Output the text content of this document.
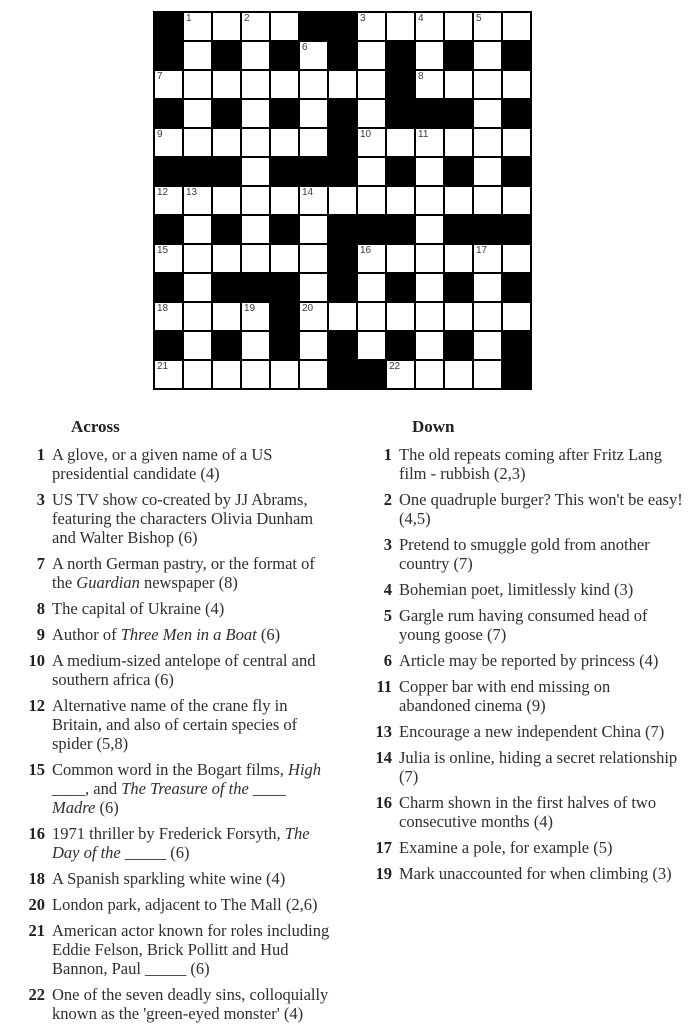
1	2	3	4	5
6
7	8
9	10	11
12 13	14
15	16	17
18	19	20
21	22
Across
1 A glove, or a given name of a US
presidential candidate (4)
3 US TV show co-created by JJ Abrams,
featuring the characters Olivia Dunham
and Walter Bishop (6)
7 A north German pastry, or the format of
the Guardian newspaper (8)
8 The capital of Ukraine (4)
9 Author of Three Men in a Boat (6)
10 A medium-sized antelope of central and
southern africa (6)
12 Alternative name of the crane fly in
Britain, and also of certain species of
spider (5,8)
15 Common word in the Bogart films, High
____, and The Treasure of the ____
Madre (6)
16 1971 thriller by Frederick Forsyth, The
Day of the _____ (6)
18 A Spanish sparkling white wine (4)
20 London park, adjacent to The Mall (2,6)
21 American actor known for roles including
Eddie Felson, Brick Pollitt and Hud
Bannon, Paul _____ (6)
22 One of the seven deadly sins, colloquially
known as the 'green-eyed monster' (4)
Down
1 The old repeats coming after Fritz Lang
film - rubbish (2,3)
2 One quadruple burger? This won't be easy!
(4,5)
3 Pretend to smuggle gold from another
country (7)
4 Bohemian poet, limitlessly kind (3)
5 Gargle rum having consumed head of
young goose (7)
6 Article may be reported by princess (4)
11 Copper bar with end missing on
abandoned cinema (9)
13 Encourage a new independent China (7)
14 Julia is online, hiding a secret relationship
(7)
16 Charm shown in the first halves of two
consecutive months (4)
17 Examine a pole, for example (5)
19 Mark unaccounted for when climbing (3)
